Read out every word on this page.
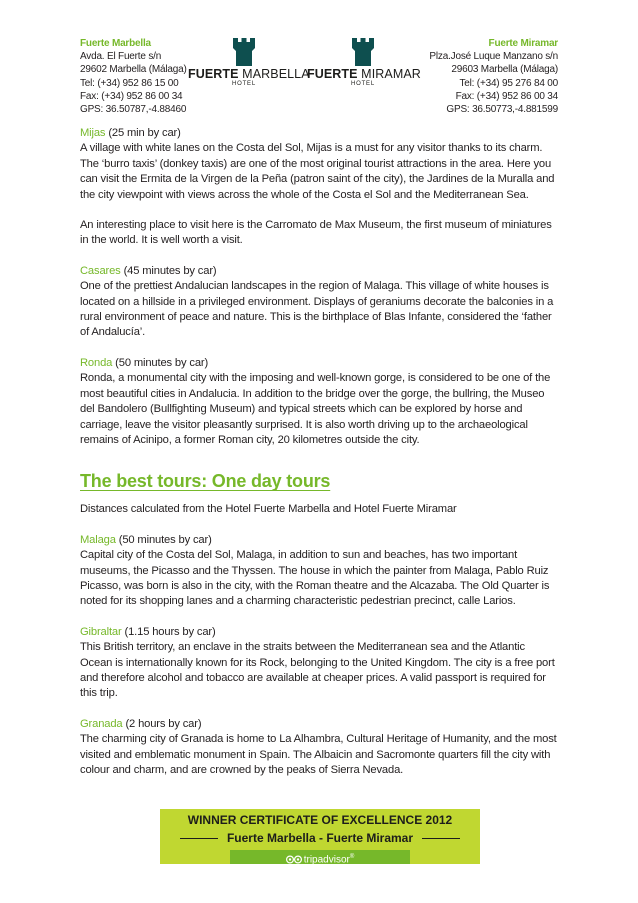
Fuerte Marbella
Avda. El Fuerte s/n
29602 Marbella (Málaga)
Tel: (+34) 952 86 15 00
Fax: (+34) 952 86 00 34
GPS: 36.50787,-4.88460
FUERTE MARBELLA
HOTEL
FUERTE MIRAMAR
HOTEL
Fuerte Miramar
Plza.José Luque Manzano s/n
29603 Marbella (Málaga)
Tel: (+34) 95 276 84 00
Fax: (+34) 952 86 00 34
GPS: 36.50773,-4.881599

Mijas (25 min by car)

A village with white lanes on the Costa del Sol, Mijas is a must for any visitor thanks to its charm. The ‘burro taxis’ (donkey taxis) are one of the most original tourist attractions in the area. Here you can visit the Ermita de la Virgen de la Peña (patron saint of the city), the Jardines de la Muralla and the city viewpoint with views across the whole of the Costa el Sol and the Mediterranean Sea.

An interesting place to visit here is the Carromato de Max Museum, the first museum of miniatures in the world. It is well worth a visit.

Casares (45 minutes by car)

One of the prettiest Andalucian landscapes in the region of Malaga. This village of white houses is located on a hillside in a privileged environment. Displays of geraniums decorate the balconies in a rural environment of peace and nature. This is the birthplace of Blas Infante, considered the ‘father of Andalucía’.

Ronda (50 minutes by car)

Ronda, a monumental city with the imposing and well-known gorge, is considered to be one of the most beautiful cities in Andalucia. In addition to the bridge over the gorge, the bullring, the Museo del Bandolero (Bullfighting Museum) and typical streets which can be explored by horse and carriage, leave the visitor pleasantly surprised. It is also worth driving up to the archaeological remains of Acinipo, a former Roman city, 20 kilometres outside the city.

The best tours: One day tours

Distances calculated from the Hotel Fuerte Marbella and Hotel Fuerte Miramar

Malaga (50 minutes by car)

Capital city of the Costa del Sol, Malaga, in addition to sun and beaches, has two important museums, the Picasso and the Thyssen. The house in which the painter from Malaga, Pablo Ruiz Picasso, was born is also in the city, with the Roman theatre and the Alcazaba. The Old Quarter is noted for its shopping lanes and a charming characteristic pedestrian precinct, calle Larios.

Gibraltar (1.15 hours by car)

This British territory, an enclave in the straits between the Mediterranean sea and the Atlantic Ocean is internationally known for its Rock, belonging to the United Kingdom. The city is a free port and therefore alcohol and tobacco are available at cheaper prices. A valid passport is required for this trip.

Granada (2 hours by car)

The charming city of Granada is home to La Alhambra, Cultural Heritage of Humanity, and the most visited and emblematic monument in Spain. The Albaicin and Sacromonte quarters fill the city with colour and charm, and are crowned by the peaks of Sierra Nevada.

WINNER CERTIFICATE OF EXCELLENCE 2012
Fuerte Marbella - Fuerte Miramar
tripadvisor®
